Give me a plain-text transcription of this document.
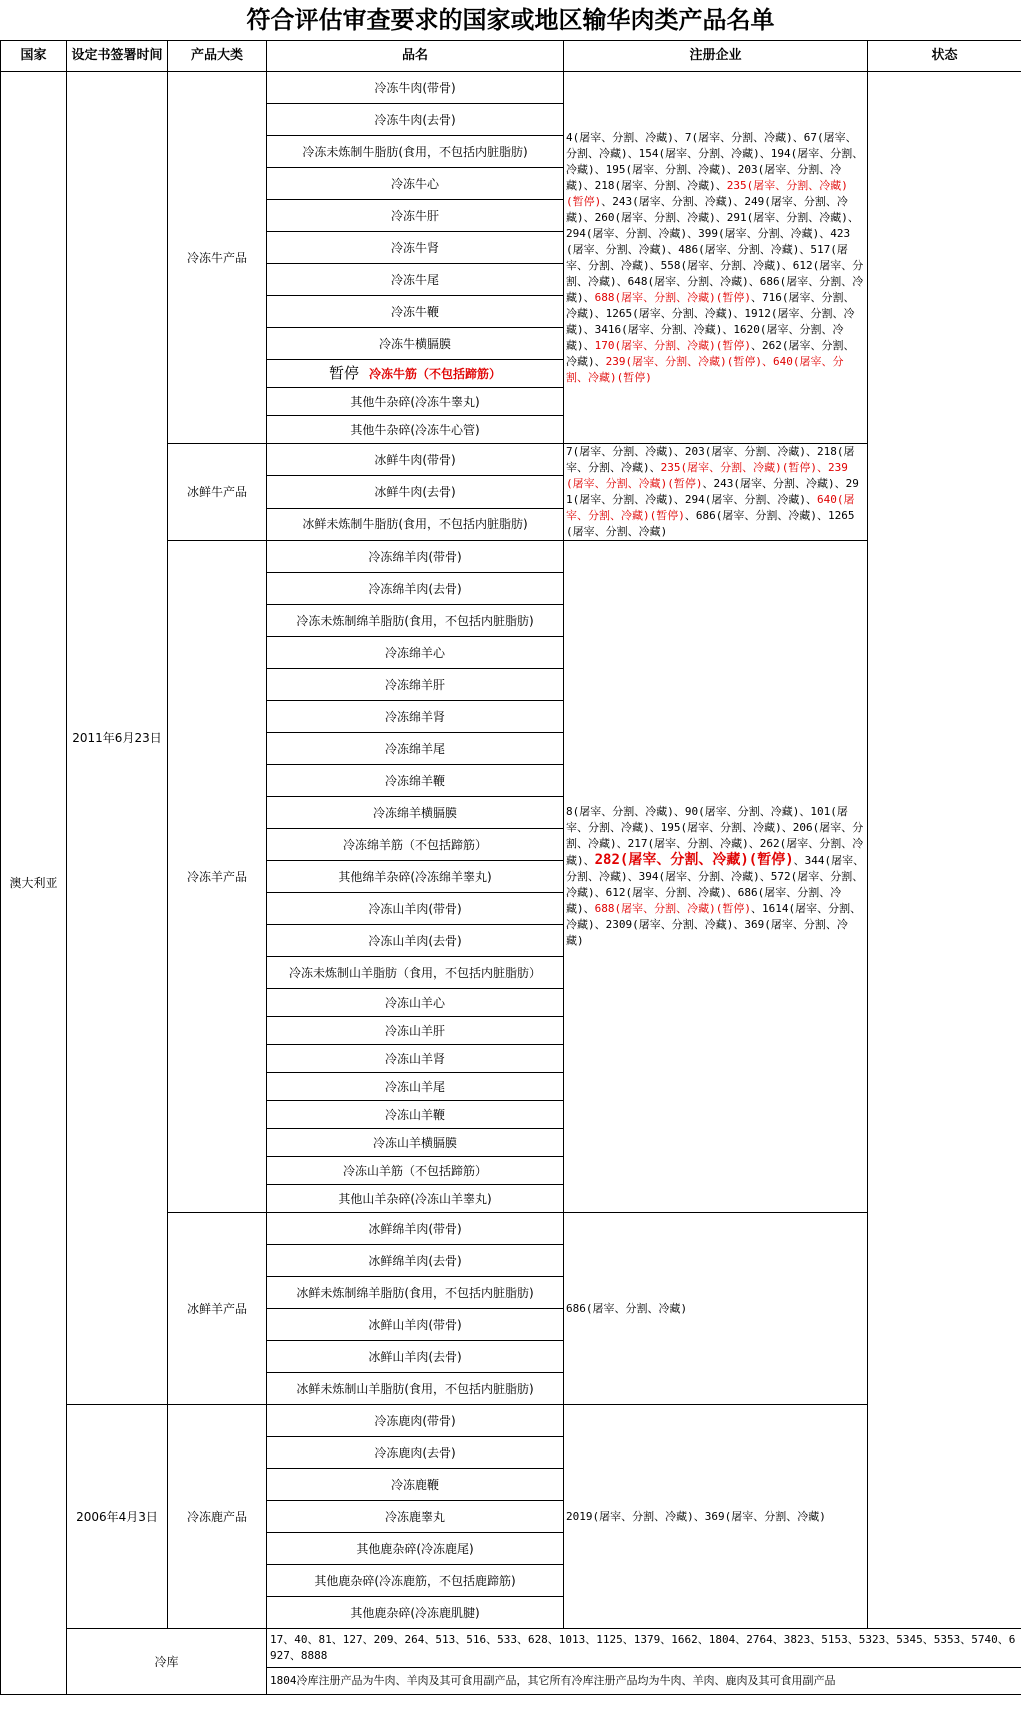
符合评估审查要求的国家或地区输华肉类产品名单
国家	设定书签署时间	产品大类	品名	注册企业	状态	
澳大利亚	2011年6月23日	冷冻牛产品	冷冻牛肉(带骨)	4(屠宰、分割、冷藏)、7(屠宰、分割、冷藏)、67(屠宰、分割、冷藏)、154(屠宰、分割、冷藏)、194(屠宰、分割、冷藏)、195(屠宰、分割、冷藏)、203(屠宰、分割、冷藏)、218(屠宰、分割、冷藏)、235(屠宰、分割、冷藏)(暂停)、243(屠宰、分割、冷藏)、249(屠宰、分割、冷藏)、260(屠宰、分割、冷藏)、291(屠宰、分割、冷藏)、294(屠宰、分割、冷藏)、399(屠宰、分割、冷藏)、423(屠宰、分割、冷藏)、486(屠宰、分割、冷藏)、517(屠宰、分割、冷藏)、558(屠宰、分割、冷藏)、612(屠宰、分割、冷藏)、648(屠宰、分割、冷藏)、686(屠宰、分割、冷藏)、688(屠宰、分割、冷藏)(暂停)、716(屠宰、分割、冷藏)、1265(屠宰、分割、冷藏)、1912(屠宰、分割、冷藏)、3416(屠宰、分割、冷藏)、1620(屠宰、分割、冷藏)、170(屠宰、分割、冷藏)(暂停)、262(屠宰、分割、冷藏)、239(屠宰、分割、冷藏)(暂停)、640(屠宰、分割、冷藏)(暂停)		
			冷冻牛肉(去骨)			
			冷冻未炼制牛脂肪(食用，不包括内脏脂肪)			
			冷冻牛心			
			冷冻牛肝			
			冷冻牛肾			
			冷冻牛尾			
			冷冻牛鞭			
			冷冻牛横膈膜			
			暂停 冷冻牛筋（不包括蹄筋）			
			其他牛杂碎(冷冻牛睾丸)			
			其他牛杂碎(冷冻牛心管)			
		冰鲜牛产品	冰鲜牛肉(带骨)	7(屠宰、分割、冷藏)、203(屠宰、分割、冷藏)、218(屠宰、分割、冷藏)、235(屠宰、分割、冷藏)(暂停)、239(屠宰、分割、冷藏)(暂停)、243(屠宰、分割、冷藏)、291(屠宰、分割、冷藏)、294(屠宰、分割、冷藏)、640(屠宰、分割、冷藏)(暂停)、686(屠宰、分割、冷藏)、1265(屠宰、分割、冷藏)		
			冰鲜牛肉(去骨)			
			冰鲜未炼制牛脂肪(食用，不包括内脏脂肪)			
		冷冻羊产品	冷冻绵羊肉(带骨)	8(屠宰、分割、冷藏)、90(屠宰、分割、冷藏)、101(屠宰、分割、冷藏)、195(屠宰、分割、冷藏)、206(屠宰、分割、冷藏)、217(屠宰、分割、冷藏)、262(屠宰、分割、冷藏)、282(屠宰、分割、冷藏)(暂停)、344(屠宰、分割、冷藏)、394(屠宰、分割、冷藏)、572(屠宰、分割、冷藏)、612(屠宰、分割、冷藏)、686(屠宰、分割、冷藏)、688(屠宰、分割、冷藏)(暂停)、1614(屠宰、分割、冷藏)、2309(屠宰、分割、冷藏)、369(屠宰、分割、冷藏)		
			冷冻绵羊肉(去骨)			
			冷冻未炼制绵羊脂肪(食用，不包括内脏脂肪)			
			冷冻绵羊心			
			冷冻绵羊肝			
			冷冻绵羊肾			
			冷冻绵羊尾			
			冷冻绵羊鞭			
			冷冻绵羊横膈膜			
			冷冻绵羊筋（不包括蹄筋）			
			其他绵羊杂碎(冷冻绵羊睾丸)			
			冷冻山羊肉(带骨)			
			冷冻山羊肉(去骨)			
			冷冻未炼制山羊脂肪（食用，不包括内脏脂肪）			
			冷冻山羊心			
			冷冻山羊肝			
			冷冻山羊肾			
			冷冻山羊尾			
			冷冻山羊鞭			
			冷冻山羊横膈膜			
			冷冻山羊筋（不包括蹄筋）			
			其他山羊杂碎(冷冻山羊睾丸)			
		冰鲜羊产品	冰鲜绵羊肉(带骨)	686(屠宰、分割、冷藏)		
			冰鲜绵羊肉(去骨)			
			冰鲜未炼制绵羊脂肪(食用，不包括内脏脂肪)			
			冰鲜山羊肉(带骨)			
			冰鲜山羊肉(去骨)			
			冰鲜未炼制山羊脂肪(食用，不包括内脏脂肪)			
	2006年4月3日	冷冻鹿产品	冷冻鹿肉(带骨)	2019(屠宰、分割、冷藏)、369(屠宰、分割、冷藏)		
			冷冻鹿肉(去骨)			
			冷冻鹿鞭			
			冷冻鹿睾丸			
			其他鹿杂碎(冷冻鹿尾)			
			其他鹿杂碎(冷冻鹿筋，不包括鹿蹄筋)			
			其他鹿杂碎(冷冻鹿肌腱)			
	冷库		17、40、81、127、209、264、513、516、533、628、1013、1125、1379、1662、1804、2764、3823、5153、5323、5345、5353、5740、6927、8888			
			1804冷库注册产品为牛肉、羊肉及其可食用副产品，其它所有冷库注册产品均为牛肉、羊肉、鹿肉及其可食用副产品			
